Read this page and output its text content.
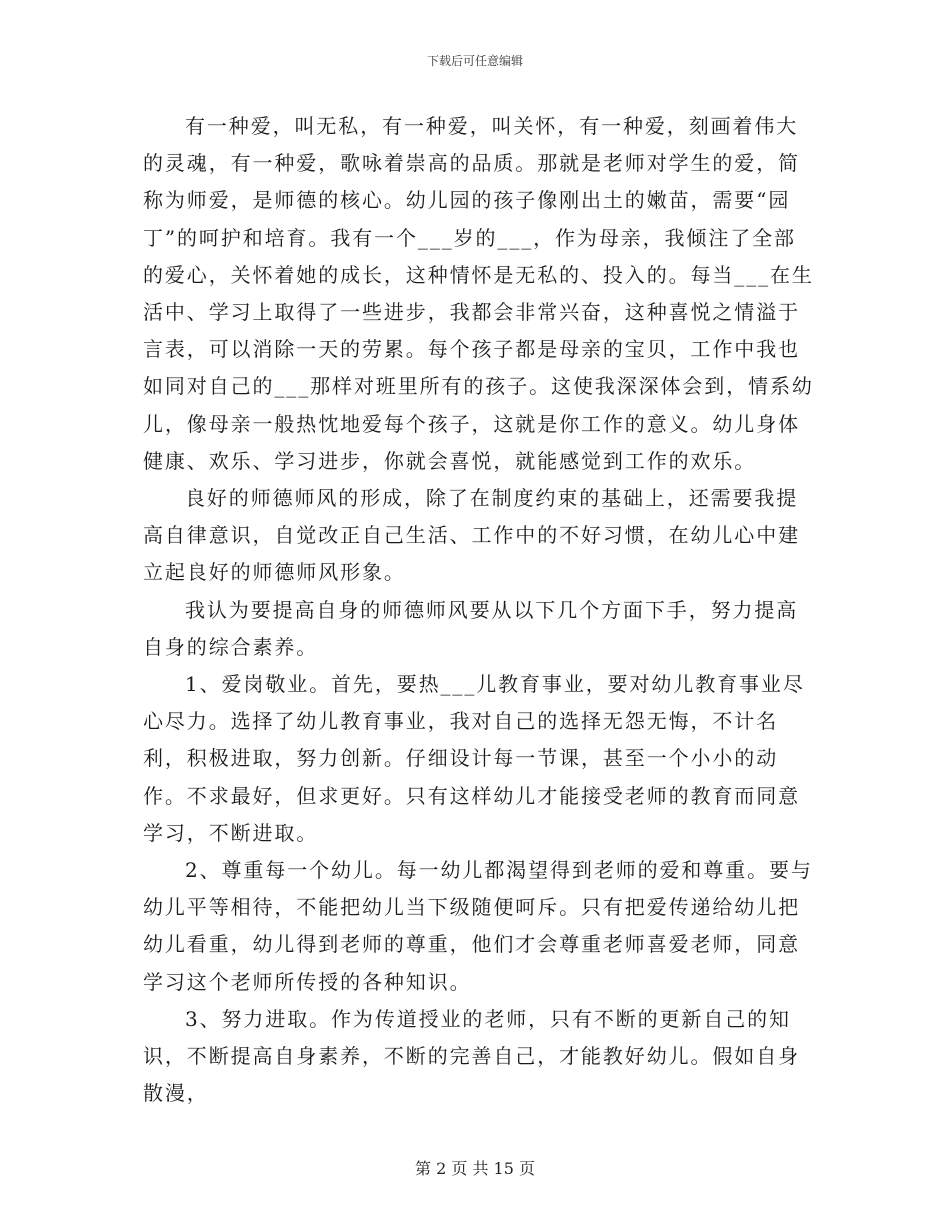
下载后可任意编辑

有一种爱，叫无私，有一种爱，叫关怀，有一种爱，刻画着伟大的灵魂，有一种爱，歌咏着崇高的品质。那就是老师对学生的爱，简称为师爱，是师德的核心。幼儿园的孩子像刚出土的嫩苗，需要“园丁”的呵护和培育。我有一个___岁的___，作为母亲，我倾注了全部的爱心，关怀着她的成长，这种情怀是无私的、投入的。每当___在生活中、学习上取得了一些进步，我都会非常兴奋，这种喜悦之情溢于言表，可以消除一天的劳累。每个孩子都是母亲的宝贝，工作中我也如同对自己的___那样对班里所有的孩子。这使我深深体会到，情系幼儿，像母亲一般热忱地爱每个孩子，这就是你工作的意义。幼儿身体健康、欢乐、学习进步，你就会喜悦，就能感觉到工作的欢乐。

良好的师德师风的形成，除了在制度约束的基础上，还需要我提高自律意识，自觉改正自己生活、工作中的不好习惯，在幼儿心中建立起良好的师德师风形象。

我认为要提高自身的师德师风要从以下几个方面下手，努力提高自身的综合素养。

1、爱岗敬业。首先，要热___儿教育事业，要对幼儿教育事业尽心尽力。选择了幼儿教育事业，我对自己的选择无怨无悔，不计名利，积极进取，努力创新。仔细设计每一节课，甚至一个小小的动作。不求最好，但求更好。只有这样幼儿才能接受老师的教育而同意学习，不断进取。

2、尊重每一个幼儿。每一幼儿都渴望得到老师的爱和尊重。要与幼儿平等相待，不能把幼儿当下级随便呵斥。只有把爱传递给幼儿把幼儿看重，幼儿得到老师的尊重，他们才会尊重老师喜爱老师，同意学习这个老师所传授的各种知识。

3、努力进取。作为传道授业的老师，只有不断的更新自己的知识，不断提高自身素养，不断的完善自己，才能教好幼儿。假如自身散漫，

第 2 页 共 15 页
